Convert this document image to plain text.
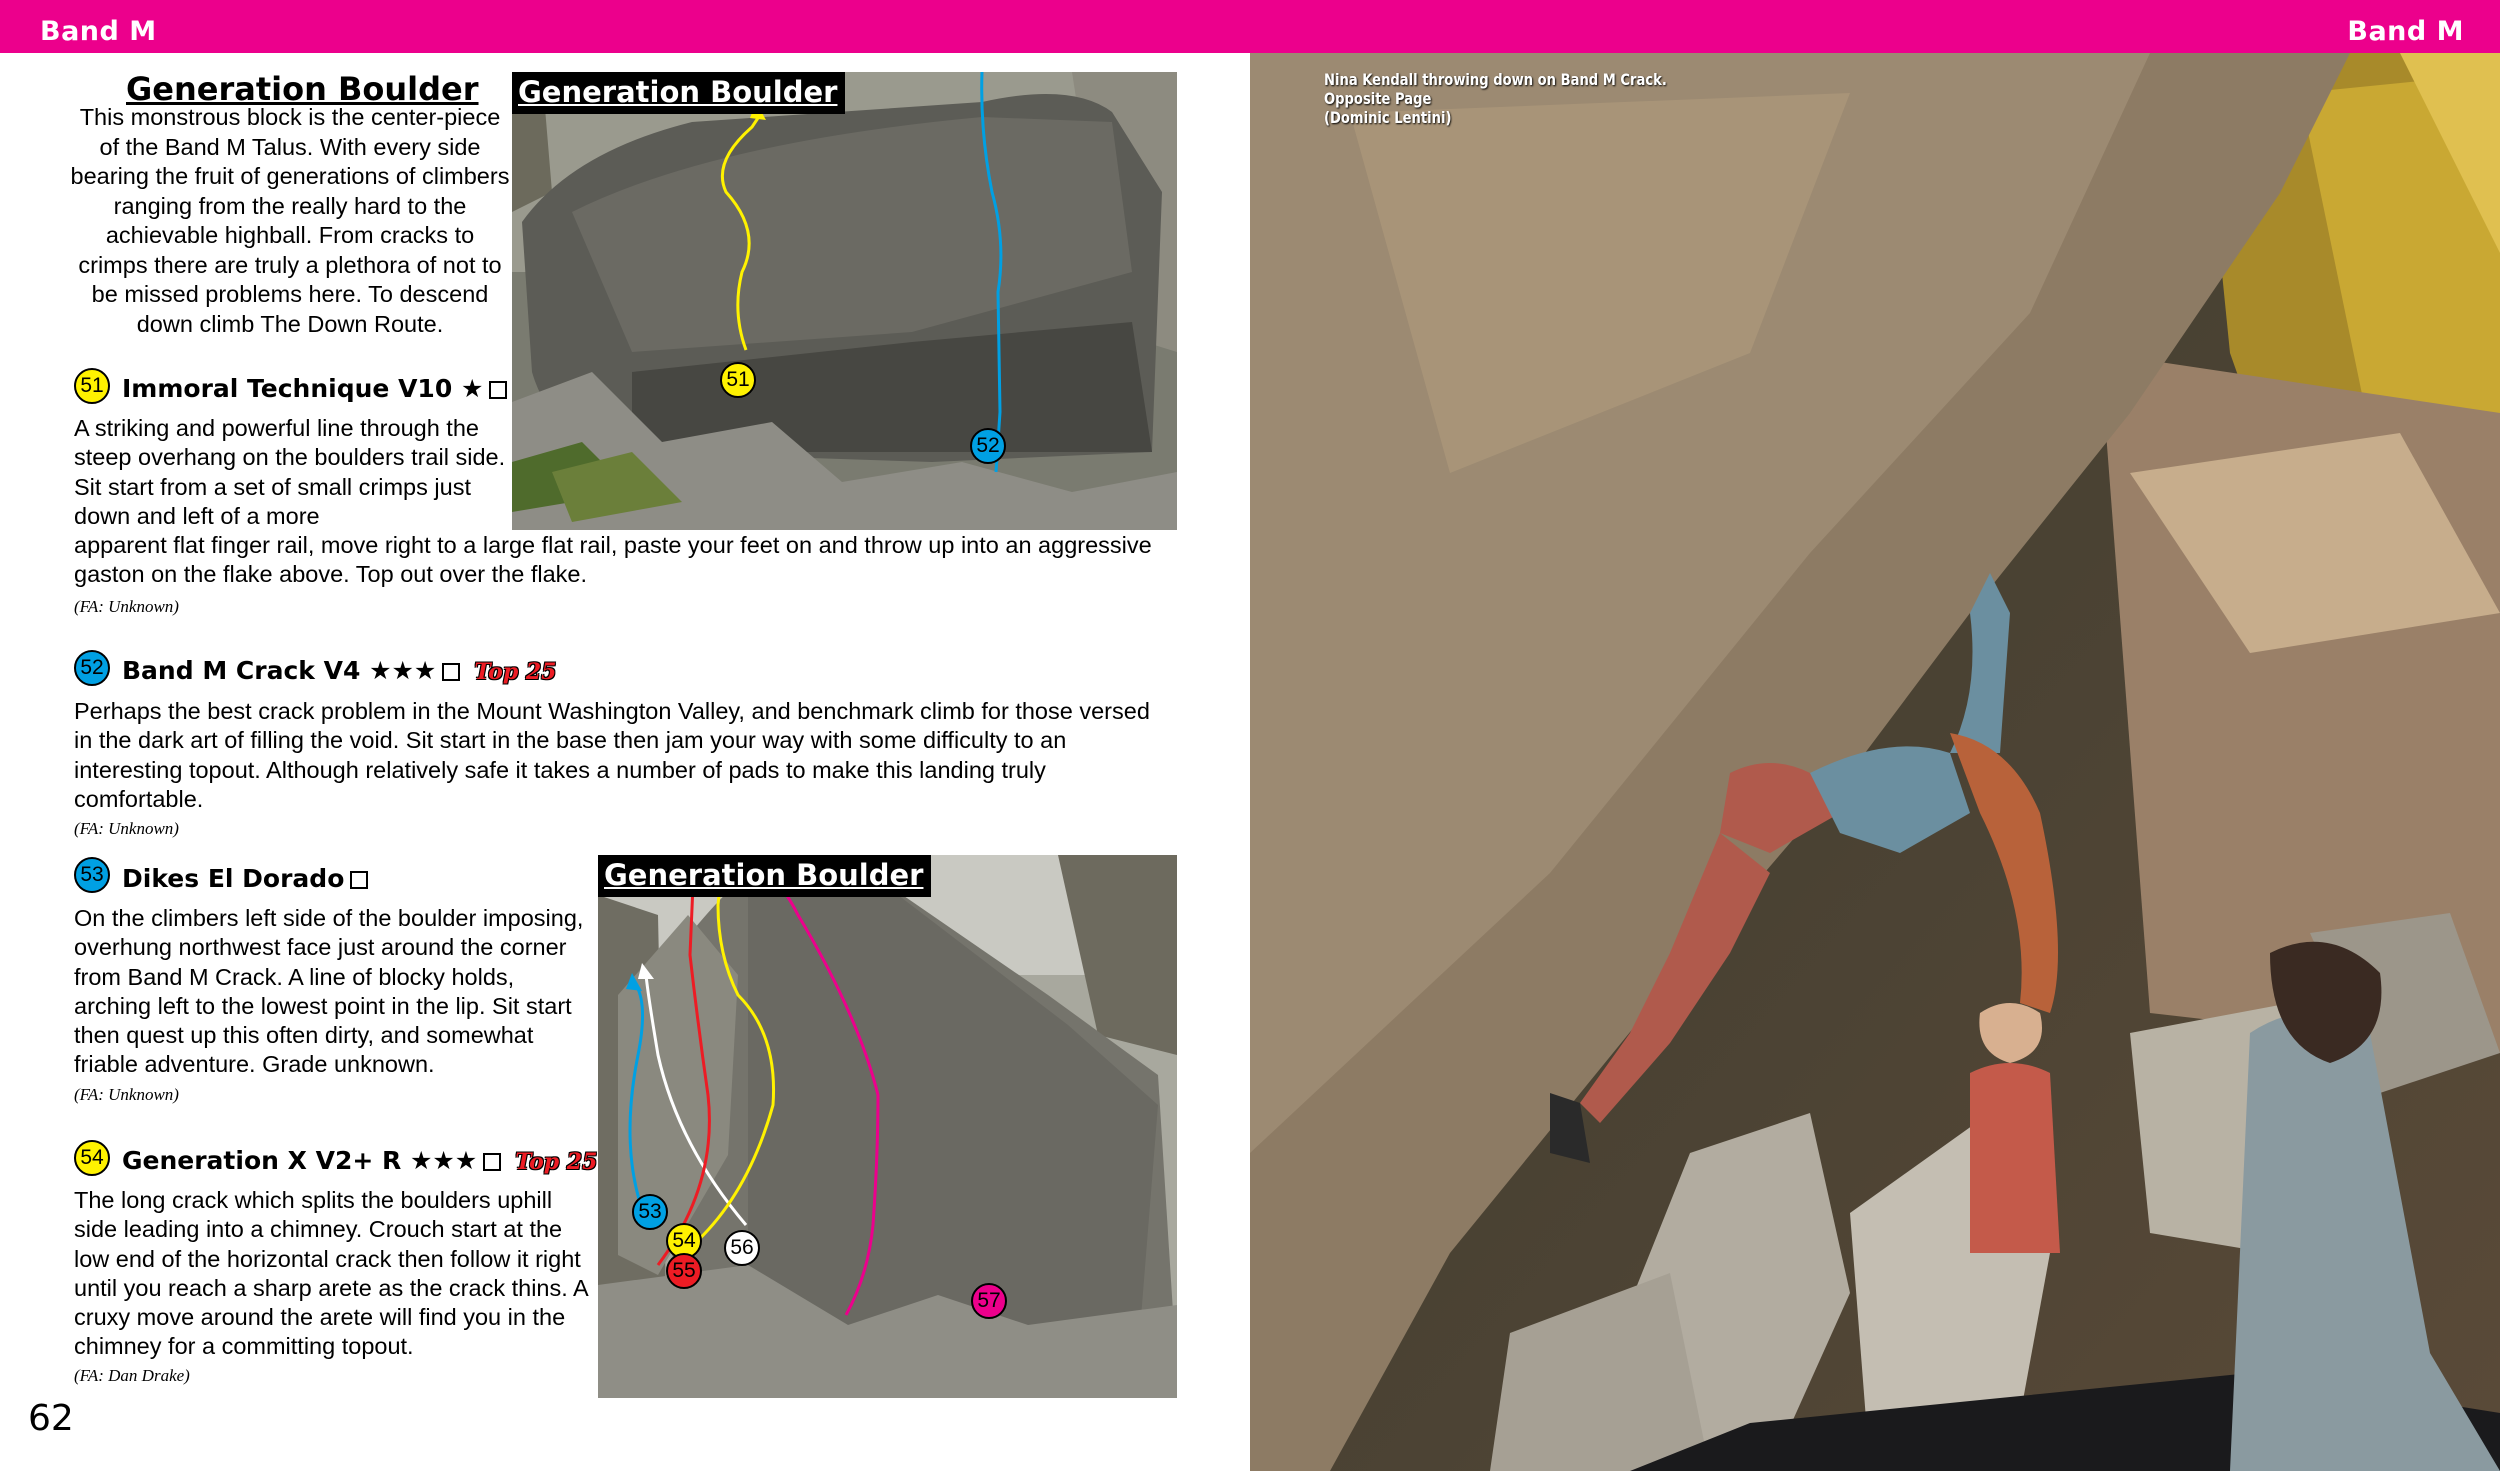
Band M	Band M
Generation Boulder
This monstrous block is the center-piece of the Band M Talus. With every side bearing the fruit of generations of climbers ranging from the really hard to the achievable highball. From cracks to crimps there are truly a plethora of not to be missed problems here. To descend down climb The Down Route.
Generation Boulder
51
52
51 Immoral Technique V10 ★
A striking and powerful line through the steep overhang on the boulders trail side. Sit start from a set of small crimps just down and left of a more
apparent flat finger rail, move right to a large flat rail, paste your feet on and throw up into an aggressive gaston on the flake above. Top out over the flake.
(FA: Unknown)
52 Band M Crack V4 ★★★ Top 25
Perhaps the best crack problem in the Mount Washington Valley, and benchmark climb for those versed in the dark art of filling the void. Sit start in the base then jam your way with some difficulty to an interesting topout. Although relatively safe it takes a number of pads to make this landing truly comfortable.
(FA: Unknown)
Generation Boulder
53
54
55
56
57
53 Dikes El Dorado
On the climbers left side of the boulder imposing, overhung northwest face just around the corner from Band M Crack. A line of blocky holds, arching left to the lowest point in the lip. Sit start then quest up this often dirty, and somewhat friable adventure. Grade unknown.
(FA: Unknown)
54 Generation X V2+ R ★★★ Top 25
The long crack which splits the boulders uphill side leading into a chimney. Crouch start at the low end of the horizontal crack then follow it right until you reach a sharp arete as the crack thins. A cruxy move around the arete will find you in the chimney for a committing topout.
(FA: Dan Drake)
62
Nina Kendall throwing down on Band M Crack.
Opposite Page
(Dominic Lentini)
